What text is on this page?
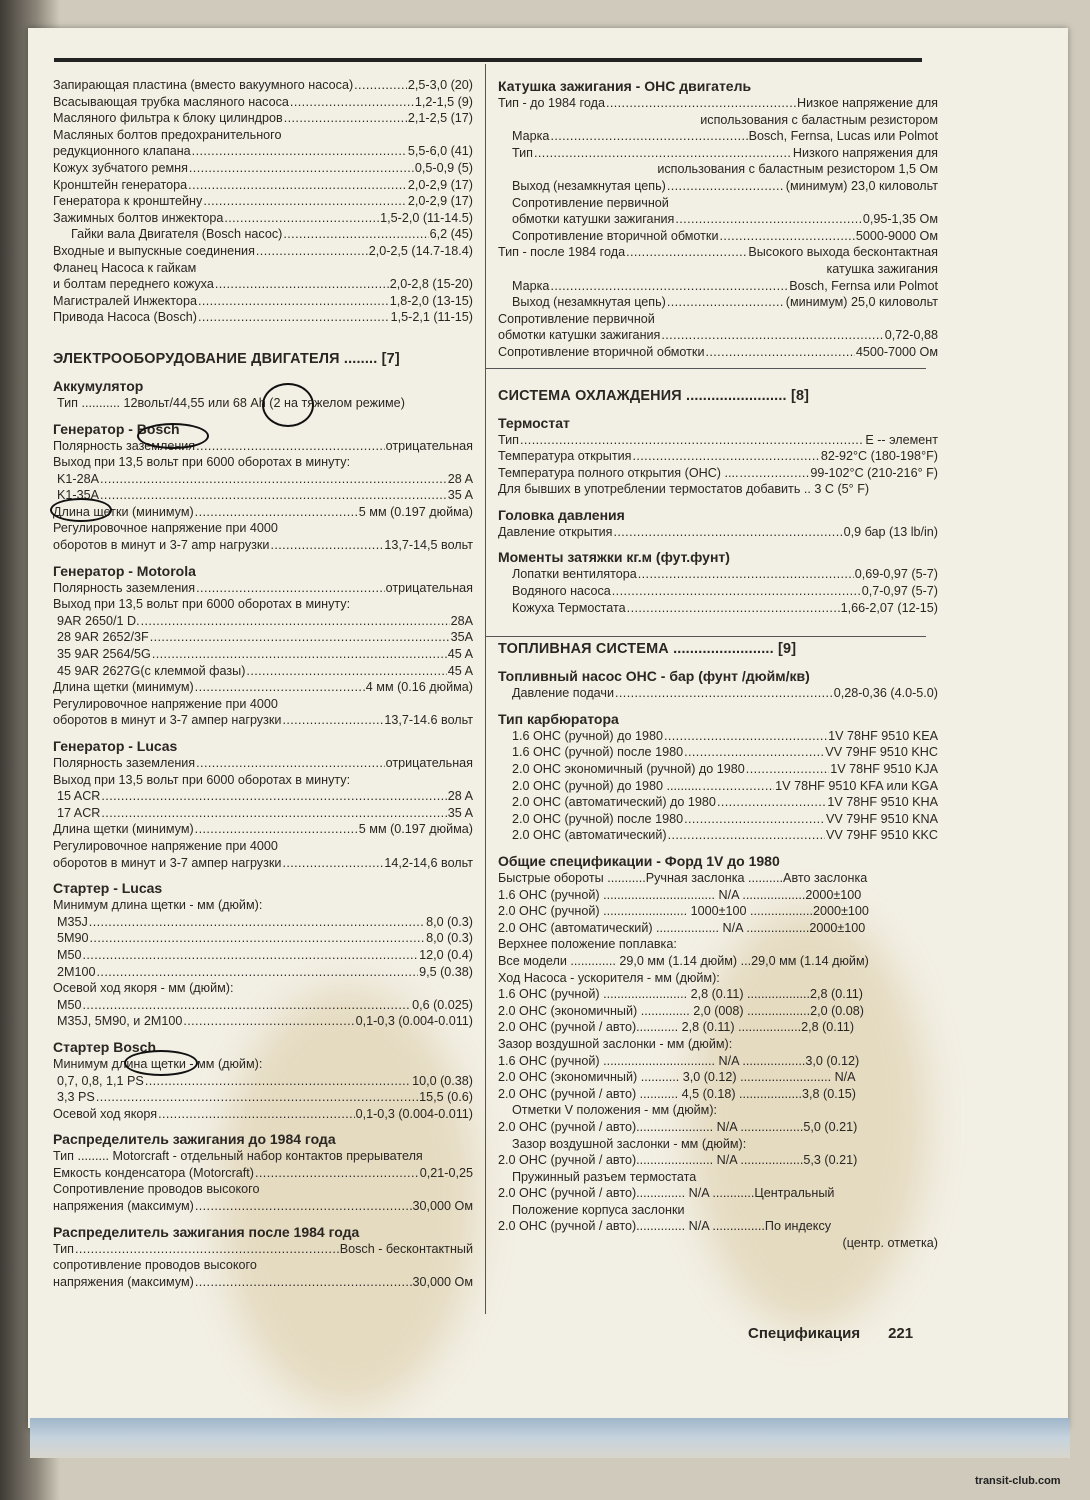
Запирающая пластина (вместо вакуумного насоса) .....	2,5-3,0 (20)
Всасывающая трубка масляного насоса .....	1,2-1,5 (9)
Масляного фильтра к блоку цилиндров .....	2,1-2,5 (17)
Масляных болтов предохранительного
редукционного клапана .....	5,5-6,0 (41)
Кожух зубчатого ремня .....	0,5-0,9 (5)
Кронштейн генератора .....	2,0-2,9 (17)
Генератора к кронштейну .....	2,0-2,9 (17)
Зажимных болтов инжектора .....	1,5-2,0 (11-14.5)
Гайки вала Двигателя (Bosch насос) .....	6,2 (45)
Входные и выпускные соединения .....	2,0-2,5 (14.7-18.4)
Фланец Насоса к гайкам
и болтам переднего кожуха .....	2,0-2,8 (15-20)
Магистралей Инжектора .....	1,8-2,0 (13-15)
Привода Насоса (Bosch) .....	1,5-2,1 (11-15)
ЭЛЕКТРООБОРУДОВАНИЕ ДВИГАТЕЛЯ ........ [7]
Аккумулятор
Тип ........... 12вольт/44,55 или 68 Ah (2 на тяжелом режиме)
Генератор - Bosch
Полярность заземления .....	отрицательная
Выход при 13,5 вольт при 6000 оборотах в минуту:
K1-28A .....	28 A
K1-35A .....	35 A
Длина щетки (минимум) .....	5 мм (0.197 дюйма)
Регулировочное напряжение при 4000
оборотов в минут и 3-7 amp нагрузки .....	13,7-14,5 вольт
Генератор - Motorola
Полярность заземления .....	отрицательная
Выход при 13,5 вольт при 6000 оборотах в минуту:
9AR 2650/1 D. .....	28A
28 9AR 2652/3F .....	35A
35 9AR 2564/5G .....	45 A
45 9AR 2627G(с клеммой фазы) .....	45 A
Длина щетки (минимум) .....	4 мм (0.16 дюйма)
Регулировочное напряжение при 4000
оборотов в минут и 3-7 ампер нагрузки .....	13,7-14.6 вольт
Генератор - Lucas
Полярность заземления .....	отрицательная
Выход при 13,5 вольт при 6000 оборотах в минуту:
15 ACR .....	28 A
17 ACR .....	35 A
Длина щетки (минимум) .....	5 мм (0.197 дюйма)
Регулировочное напряжение при 4000
оборотов в минут и 3-7 ампер нагрузки .....	14,2-14,6 вольт
Стартер - Lucas
Минимум длина щетки - мм (дюйм):
M35J .....	8,0 (0.3)
5M90 .....	8,0 (0.3)
M50 .....	12,0 (0.4)
2M100 .....	9,5 (0.38)
Осевой ход якоря - мм (дюйм):
M50 .....	0,6 (0.025)
M35J, 5M90, и 2M100 .....	0,1-0,3 (0.004-0.011)
Стартер Bosch
Минимум длина щетки - мм (дюйм):
0,7, 0,8, 1,1 PS .....	10,0 (0.38)
3,3 PS .....	15,5 (0.6)
Осевой ход якоря .....	0,1-0,3 (0.004-0.011)
Распределитель зажигания до 1984 года
Тип ......... Motorcraft - отдельный набор контактов прерывателя
Емкость конденсатора (Motorcraft) .....	0,21-0,25
Сопротивление проводов высокого
напряжения (максимум) .....	30,000 Ом
Распределитель зажигания после 1984 года
Тип .....	Bosch - бесконтактный
сопротивление проводов высокого
напряжения (максимум) .....	30,000 Ом
Катушка зажигания - ОНС двигатель
Тип - до 1984 года .....	Низкое напряжение для
использования с баластным резистором
Марка .....	Bosch, Fernsa, Lucas или Polmot
Тип .....	Низкого напряжения для
использования с баластным резистором 1,5 Ом
Выход (незамкнутая цепь) .....	(минимум) 23,0 киловольт
Сопротивление первичной
обмотки катушки зажигания .....	0,95-1,35 Ом
Сопротивление вторичной обмотки .....	5000-9000 Ом
Тип - после 1984 года .....	Высокого выхода бесконтактная
катушка зажигания
Марка .....	Bosch, Fernsa или Polmot
Выход (незамкнутая цепь) .....	(минимум) 25,0 киловольт
Сопротивление первичной
обмотки катушки зажигания .....	0,72-0,88
Сопротивление вторичной обмотки .....	4500-7000 Ом
СИСТЕМА ОХЛАЖДЕНИЯ ........................ [8]
Термостат
Тип .....	E -- элемент
Температура открытия .....	82-92°C (180-198°F)
Температура полного открытия (ОНС) .... .....	99-102°C (210-216° F)
Для бывших в употреблении термостатов добавить .. 3 C (5° F)
Головка давления
Давление открытия .....	0,9 бар (13 lb/in)
Моменты затяжки кг.м (фут.фунт)
Лопатки вентилятора .....	0,69-0,97 (5-7)
Водяного насоса .....	0,7-0,97 (5-7)
Кожуха Термостата .....	1,66-2,07 (12-15)
ТОПЛИВНАЯ СИСТЕМА ........................ [9]
Топливный насос ОНС - бар (фунт /дюйм/кв)
Давление подачи .....	0,28-0,36 (4.0-5.0)
Тип карбюратора
1.6 ОНС (ручной) до 1980 .....	1V 78HF 9510 KEA
1.6 ОНС (ручной) после 1980 .....	VV 79HF 9510 KHC
2.0 ОНС экономичный (ручной) до 1980 .....	1V 78HF 9510 KJA
2.0 ОНС (ручной) до 1980 .......... .....	1V 78HF 9510 KFA или KGA
2.0 ОНС (автоматический) до 1980 .....	1V 78HF 9510 KHA
2.0 ОНС (ручной) после 1980 .....	VV 79HF 9510 KNA
2.0 ОНС (автоматический) .....	VV 79HF 9510 KKC
Общие спецификации - Форд 1V до 1980
Быстрые обороты ...........Ручная заслонка ..........Авто заслонка
1.6 ОНС (ручной) ................................ N/A ..................2000±100
2.0 ОНС (ручной) ........................ 1000±100 ..................2000±100
2.0 ОНС (автоматический) .................. N/A ..................2000±100
Верхнее положение поплавка:
Все модели ............. 29,0 мм (1.14 дюйм) ...29,0 мм (1.14 дюйм)
Ход Насоса - ускорителя - мм (дюйм):
1.6 ОНС (ручной) ........................ 2,8 (0.11) ..................2,8 (0.11)
2.0 ОНС (экономичный) .............. 2,0 (008) ..................2,0 (0.08)
2.0 ОНС (ручной / авто)............ 2,8 (0.11) ..................2,8 (0.11)
Зазор воздушной заслонки - мм (дюйм):
1.6 ОНС (ручной) ................................ N/A ..................3,0 (0.12)
2.0 ОНС (экономичный) ........... 3,0 (0.12) .......................... N/A
2.0 ОНС (ручной / авто) ........... 4,5 (0.18) ..................3,8 (0.15)
Отметки V положения - мм (дюйм):
2.0 ОНС (ручной / авто)...................... N/A ..................5,0 (0.21)
Зазор воздушной заслонки - мм (дюйм):
2.0 ОНС (ручной / авто)...................... N/A ..................5,3 (0.21)
Пружинный разъем термостата
2.0 ОНС (ручной / авто).............. N/A ............Центральный
Положение корпуса заслонки
2.0 ОНС (ручной / авто).............. N/A ...............По индексу
(центр. отметка)
Спецификация 221
transit-club.com
